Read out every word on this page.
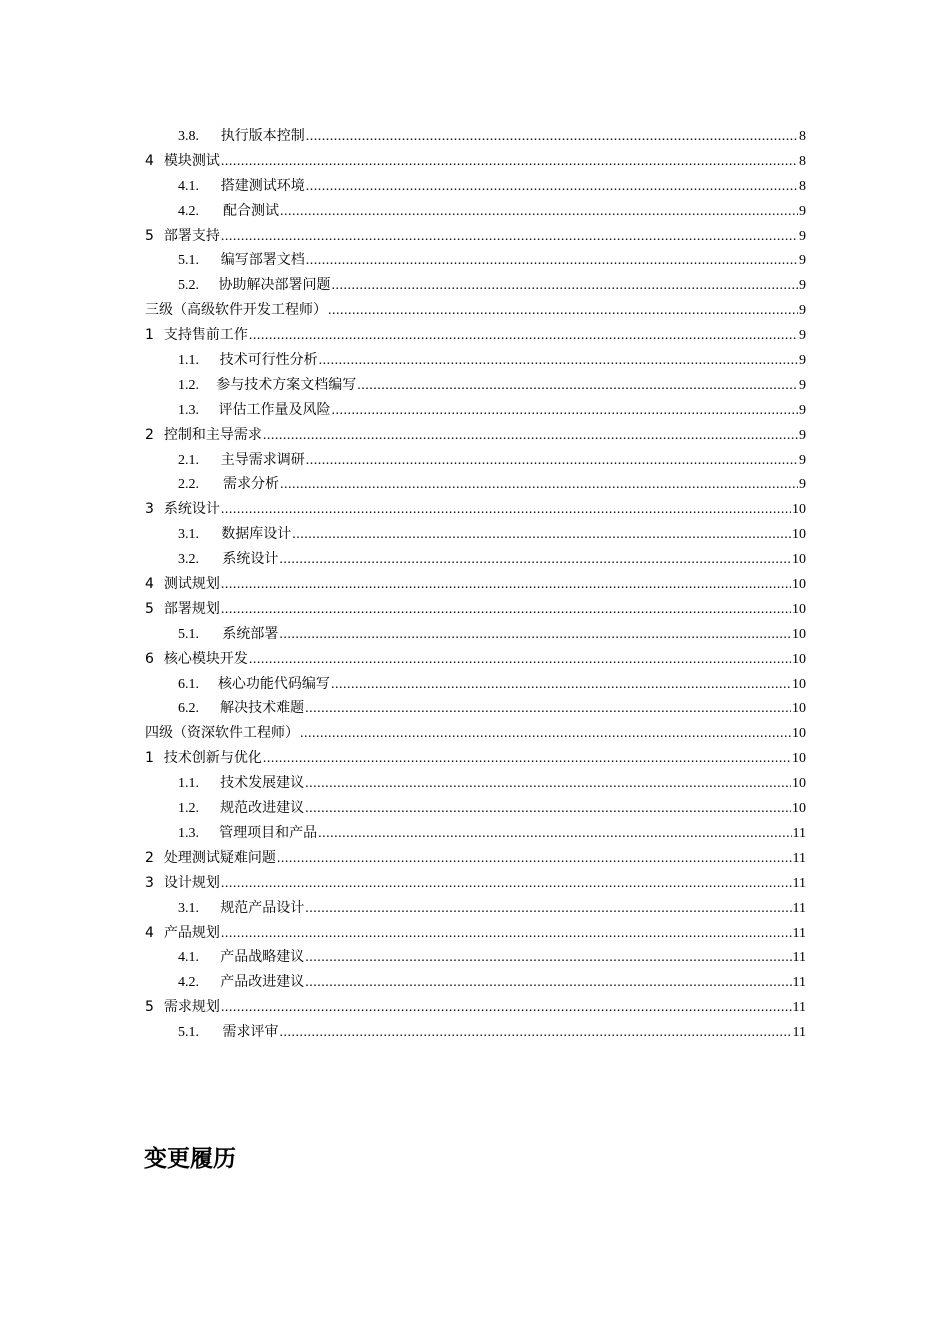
3.8.	执行版本控制 .....	8
4 模块测试 .....	8
4.1.	搭建测试环境 .....	8
4.2.	配合测试 .....	9
5 部署支持 .....	9
5.1.	编写部署文档 .....	9
5.2.	协助解决部署问题 .....	9
三级（高级软件开发工程师） .....	9
1 支持售前工作 .....	9
1.1.	技术可行性分析 .....	9
1.2.	参与技术方案文档编写 .....	9
1.3.	评估工作量及风险 .....	9
2 控制和主导需求 .....	9
2.1.	主导需求调研 .....	9
2.2.	需求分析 .....	9
3 系统设计 .....	10
3.1.	数据库设计 .....	10
3.2.	系统设计 .....	10
4 测试规划 .....	10
5 部署规划 .....	10
5.1.	系统部署 .....	10
6 核心模块开发 .....	10
6.1.	核心功能代码编写 .....	10
6.2.	解决技术难题 .....	10
四级（资深软件工程师） .....	10
1 技术创新与优化 .....	10
1.1.	技术发展建议 .....	10
1.2.	规范改进建议 .....	10
1.3.	管理项目和产品 .....	11
2 处理测试疑难问题 .....	11
3 设计规划 .....	11
3.1.	规范产品设计 .....	11
4 产品规划 .....	11
4.1.	产品战略建议 .....	11
4.2.	产品改进建议 .....	11
5 需求规划 .....	11
5.1.	需求评审 .....	11
变更履历
